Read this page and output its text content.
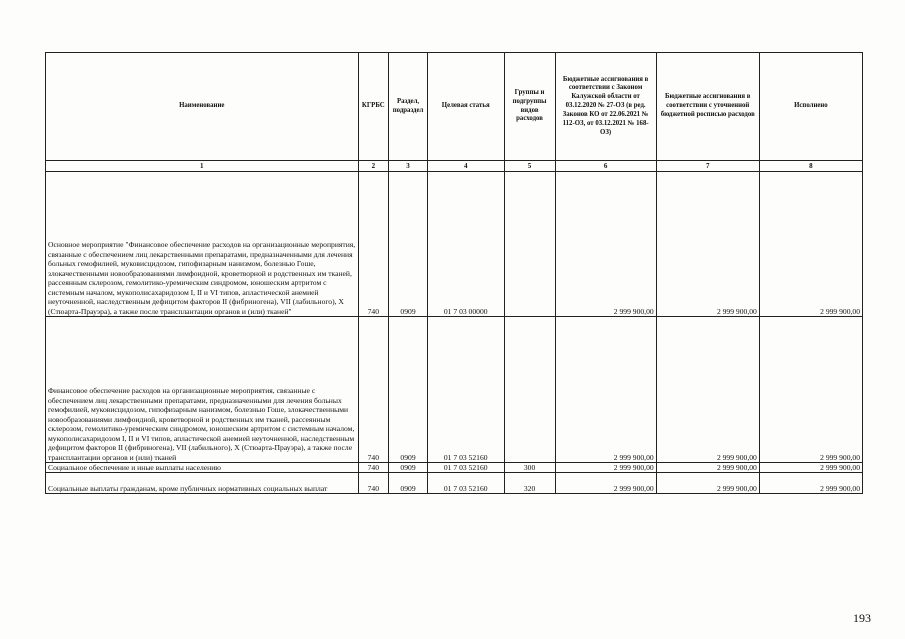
Наименование	КГРБС	Раздел, подраздел	Целевая статья	Группы и подгруппы видов расходов	Бюджетные ассигнования в соответствии с Законом Калужской области от 03.12.2020 № 27-ОЗ (в ред. Законов КО от 22.06.2021 № 112-ОЗ, от 03.12.2021 № 168-ОЗ)	Бюджетные ассигнования в соответствии с уточненной бюджетной росписью расходов	Исполнено
1	2	3	4	5	6	7	8
Основное мероприятие "Финансовое обеспечение расходов на организационные мероприятия, связанные с обеспечением лиц лекарственными препаратами, предназначенными для лечения больных гемофилией, муковисцидозом, гипофизарным нанизмом, болезнью Гоше, злокачественными новообразованиями лимфоидной, кроветворной и родственных им тканей, рассеянным склерозом, гемолитико-уремическим синдромом, юношеским артритом с системным началом, мукополисахаридозом I, II и VI типов, апластической анемией неуточненной, наследственным дефицитом факторов II (фибриногена), VII (лабильного), X (Стюарта-Прауэра), а также после трансплантации органов и (или) тканей"	740	0909	01 7 03 00000		2 999 900,00	2 999 900,00	2 999 900,00
Финансовое обеспечение расходов на организационные мероприятия, связанные с обеспечением лиц лекарственными препаратами, предназначенными для лечения больных гемофилией, муковисцидозом, гипофизарным нанизмом, болезнью Гоше, злокачественными новообразованиями лимфоидной, кроветворной и родственных им тканей, рассеянным склерозом, гемолитико-уремическим синдромом, юношеским артритом с системным началом, мукополисахаридозом I, II и VI типов, апластической анемией неуточненной, наследственным дефицитом факторов II (фибриногена), VII (лабильного), X (Стюарта-Прауэра), а также после трансплантации органов и (или) тканей	740	0909	01 7 03 52160		2 999 900,00	2 999 900,00	2 999 900,00
Социальное обеспечение и иные выплаты населению	740	0909	01 7 03 52160	300	2 999 900,00	2 999 900,00	2 999 900,00
Социальные выплаты гражданам, кроме публичных нормативных социальных выплат	740	0909	01 7 03 52160	320	2 999 900,00	2 999 900,00	2 999 900,00
193
